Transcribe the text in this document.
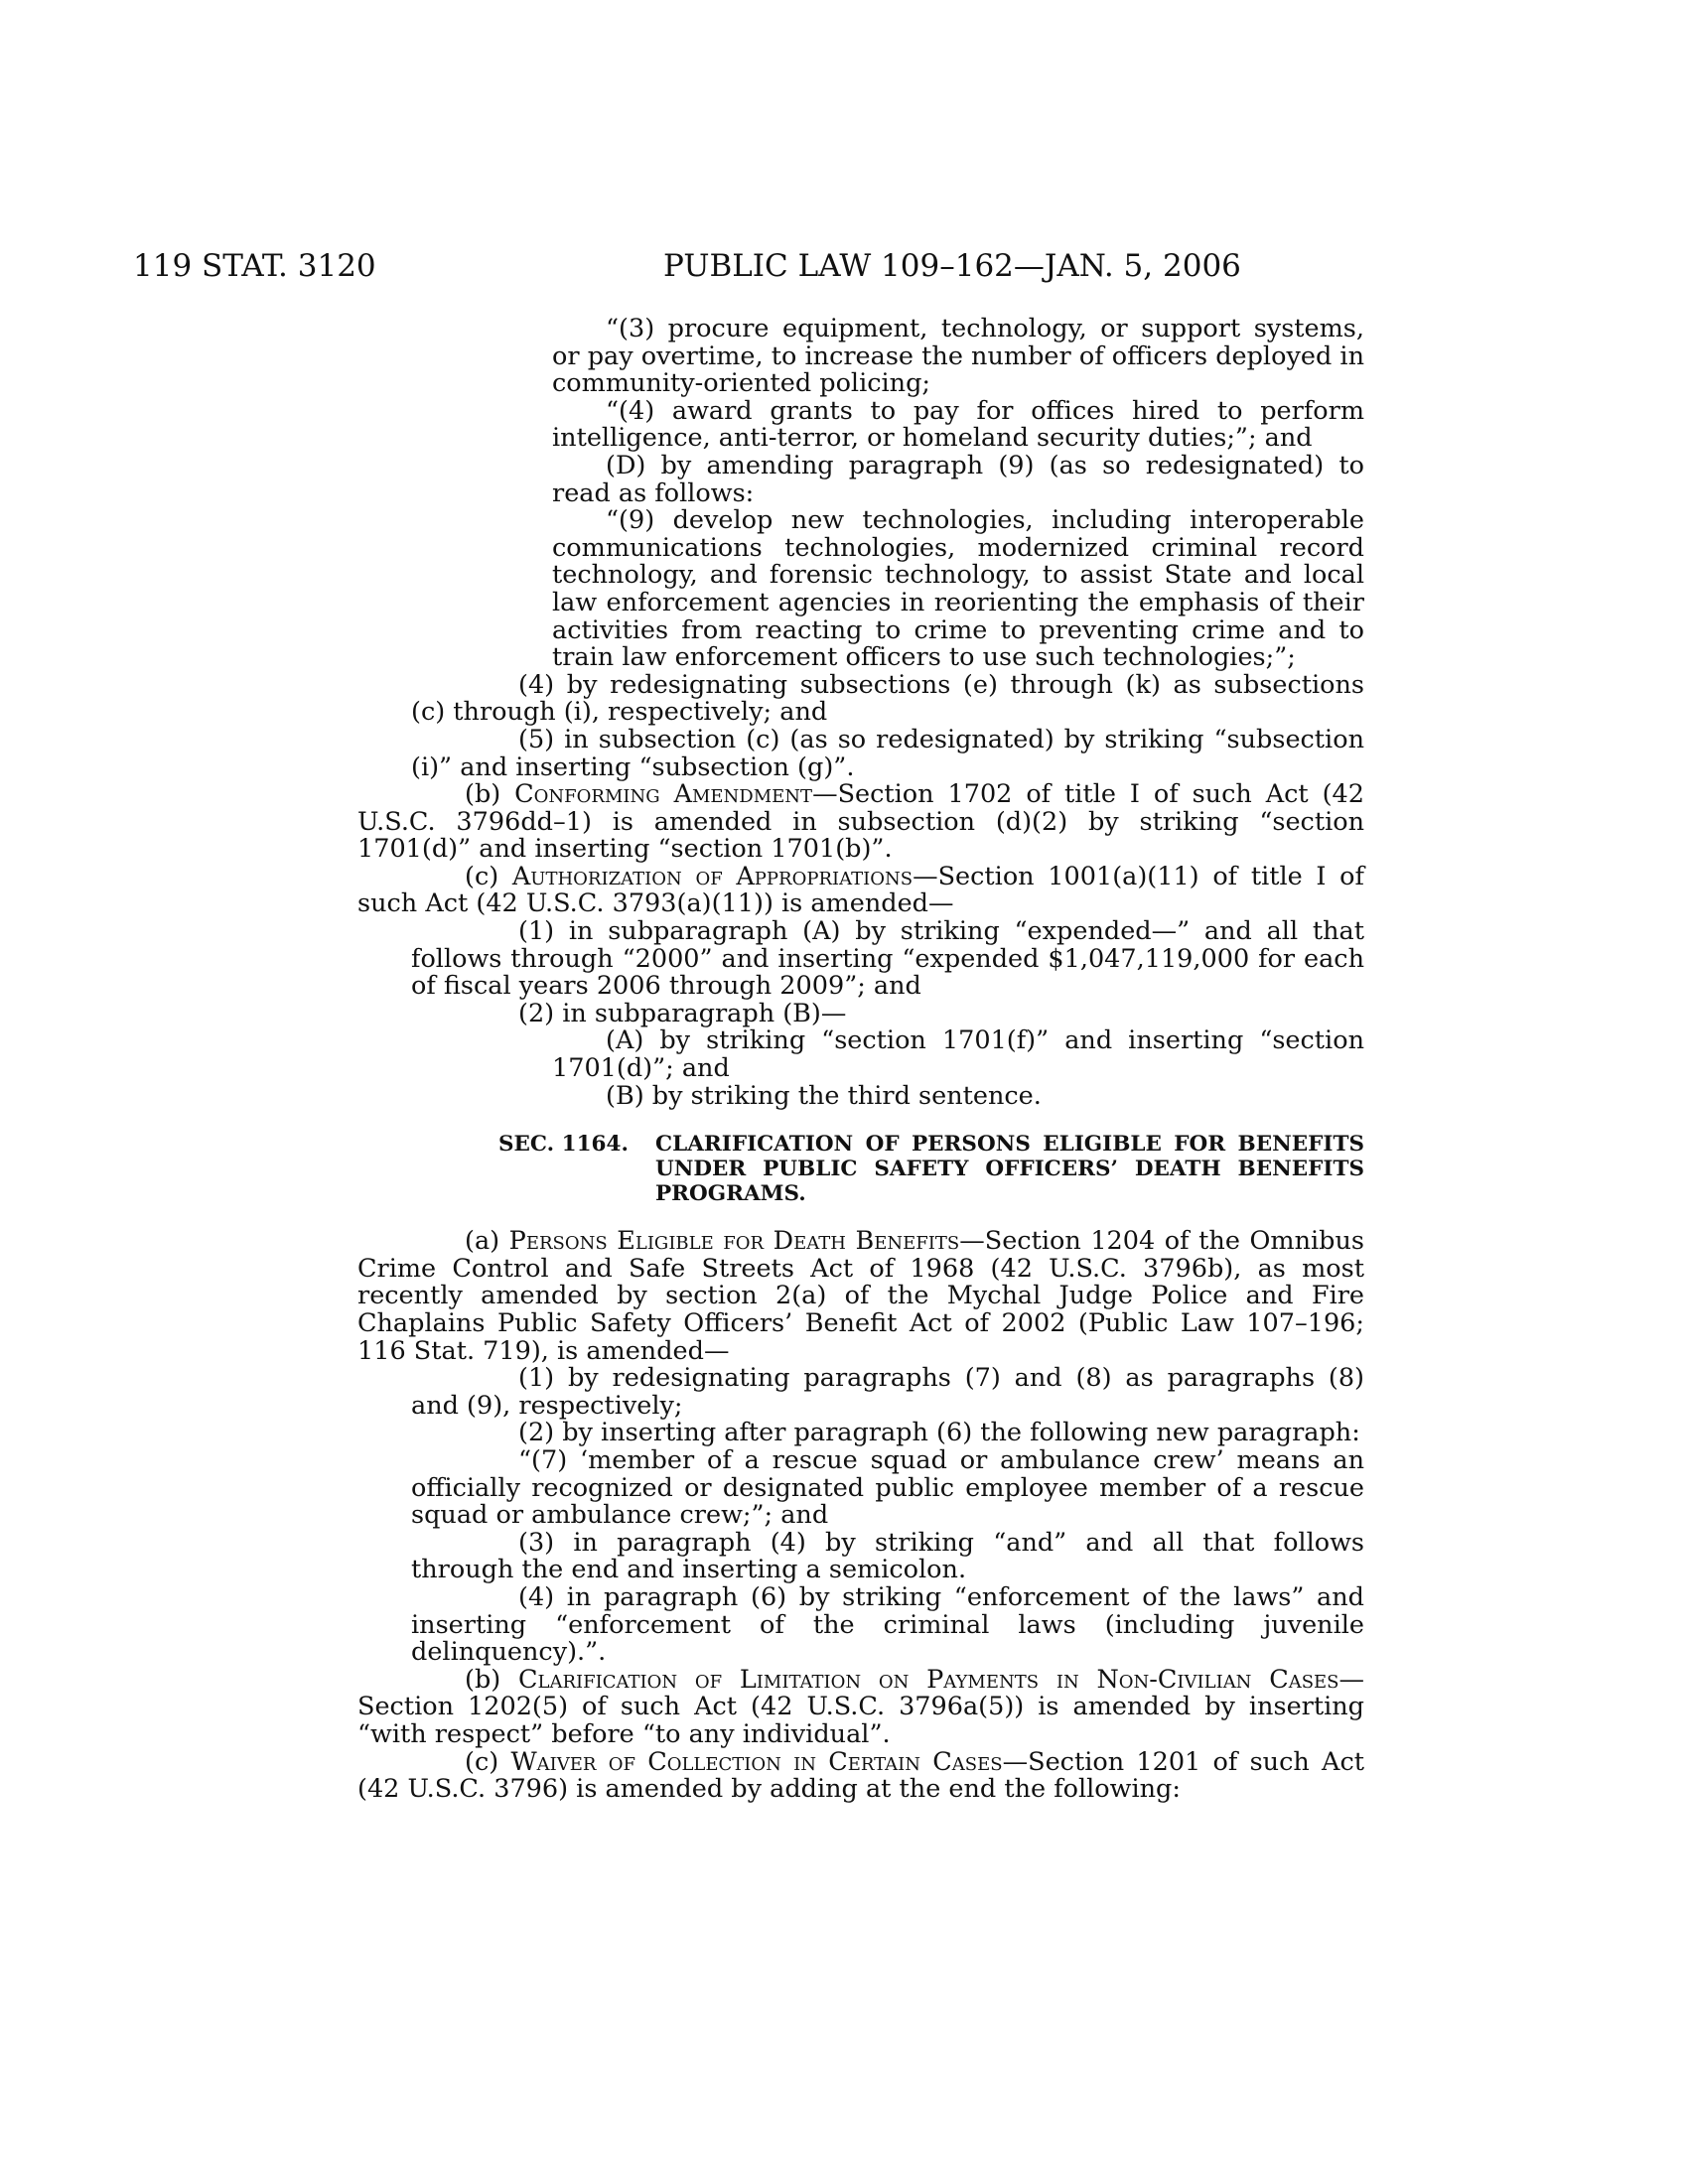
119 STAT. 3120	PUBLIC LAW 109–162—JAN. 5, 2006

“(3) procure equipment, technology, or support systems, or pay overtime, to increase the number of officers deployed in community-oriented policing;

“(4) award grants to pay for offices hired to perform intelligence, anti-terror, or homeland security duties;”; and

(D) by amending paragraph (9) (as so redesignated) to read as follows:

“(9) develop new technologies, including interoperable communications technologies, modernized criminal record technology, and forensic technology, to assist State and local law enforcement agencies in reorienting the emphasis of their activities from reacting to crime to preventing crime and to train law enforcement officers to use such technologies;”;

(4) by redesignating subsections (e) through (k) as subsections (c) through (i), respectively; and

(5) in subsection (c) (as so redesignated) by striking “subsection (i)” and inserting “subsection (g)”.

(b) Conforming Amendment—Section 1702 of title I of such Act (42 U.S.C. 3796dd–1) is amended in subsection (d)(2) by striking “section 1701(d)” and inserting “section 1701(b)”.

(c) Authorization of Appropriations—Section 1001(a)(11) of title I of such Act (42 U.S.C. 3793(a)(11)) is amended—

(1) in subparagraph (A) by striking “expended—” and all that follows through “2000” and inserting “expended $1,047,119,000 for each of fiscal years 2006 through 2009”; and

(2) in subparagraph (B)—

(A) by striking “section 1701(f)” and inserting “section 1701(d)”; and

(B) by striking the third sentence.

SEC. 1164.	CLARIFICATION OF PERSONS ELIGIBLE FOR BENEFITS UNDER PUBLIC SAFETY OFFICERS’ DEATH BENEFITS PROGRAMS.

(a) Persons Eligible for Death Benefits—Section 1204 of the Omnibus Crime Control and Safe Streets Act of 1968 (42 U.S.C. 3796b), as most recently amended by section 2(a) of the Mychal Judge Police and Fire Chaplains Public Safety Officers’ Benefit Act of 2002 (Public Law 107–196; 116 Stat. 719), is amended—

(1) by redesignating paragraphs (7) and (8) as paragraphs (8) and (9), respectively;

(2) by inserting after paragraph (6) the following new paragraph:

“(7) ‘member of a rescue squad or ambulance crew’ means an officially recognized or designated public employee member of a rescue squad or ambulance crew;”; and

(3) in paragraph (4) by striking “and” and all that follows through the end and inserting a semicolon.

(4) in paragraph (6) by striking “enforcement of the laws” and inserting “enforcement of the criminal laws (including juvenile delinquency).”.

(b) Clarification of Limitation on Payments in Non-Civilian Cases—Section 1202(5) of such Act (42 U.S.C. 3796a(5)) is amended by inserting “with respect” before “to any individual”.

(c) Waiver of Collection in Certain Cases—Section 1201 of such Act (42 U.S.C. 3796) is amended by adding at the end the following:
